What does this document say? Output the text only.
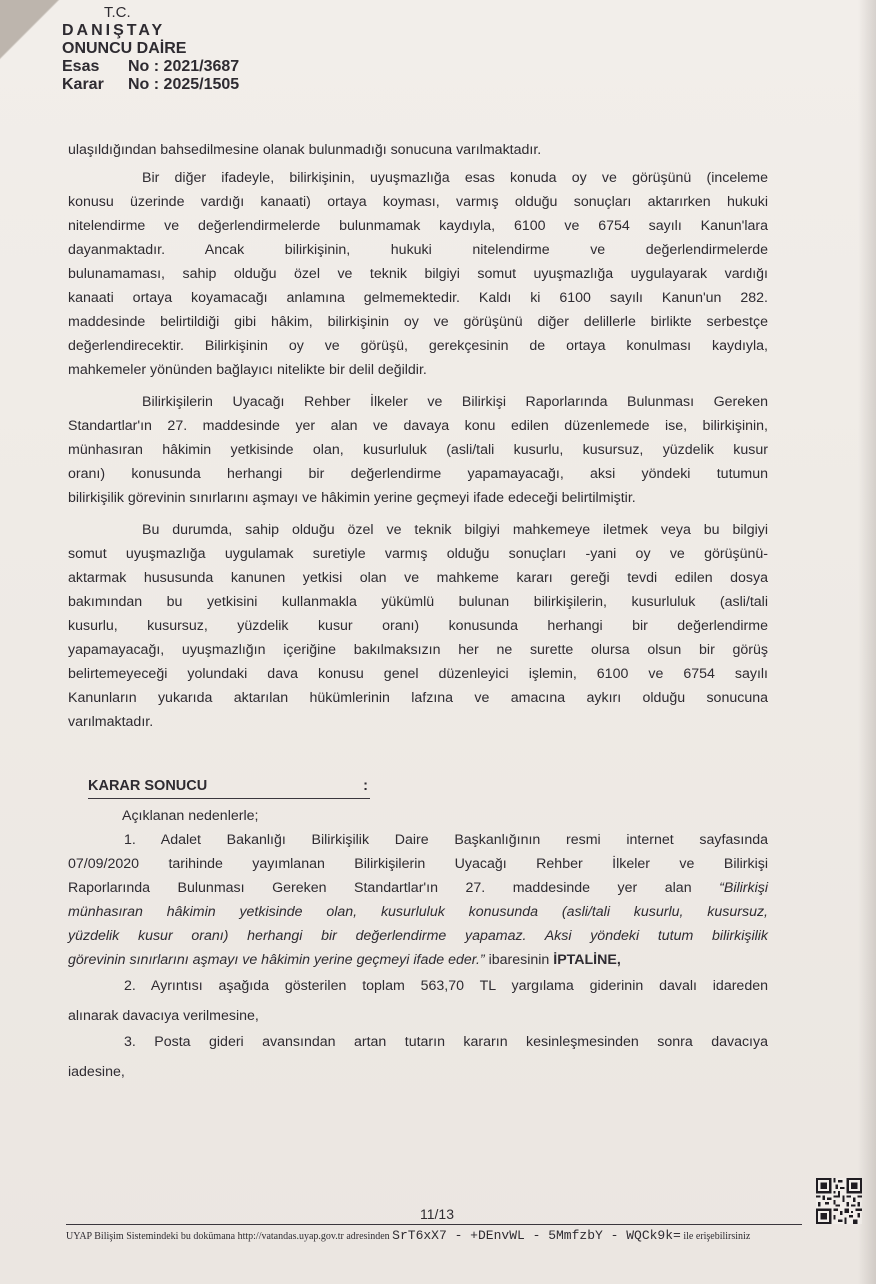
T.C.
DANIŞTAY
ONUNCU DAİRE
Esas	No : 2021/3687
Karar	No : 2025/1505
ulaşıldığından bahsedilmesine olanak bulunmadığı sonucuna varılmaktadır.
Bir diğer ifadeyle, bilirkişinin, uyuşmazlığa esas konuda oy ve görüşünü (inceleme
konusu üzerinde vardığı kanaati) ortaya koyması, varmış olduğu sonuçları aktarırken hukuki
nitelendirme ve değerlendirmelerde bulunmamak kaydıyla, 6100 ve 6754 sayılı Kanun'lara
dayanmaktadır. Ancak bilirkişinin, hukuki nitelendirme ve değerlendirmelerde
bulunamaması, sahip olduğu özel ve teknik bilgiyi somut uyuşmazlığa uygulayarak vardığı
kanaati ortaya koyamacağı anlamına gelmemektedir. Kaldı ki 6100 sayılı Kanun'un 282.
maddesinde belirtildiği gibi hâkim, bilirkişinin oy ve görüşünü diğer delillerle birlikte serbestçe
değerlendirecektir. Bilirkişinin oy ve görüşü, gerekçesinin de ortaya konulması kaydıyla,
mahkemeler yönünden bağlayıcı nitelikte bir delil değildir.
Bilirkişilerin Uyacağı Rehber İlkeler ve Bilirkişi Raporlarında Bulunması Gereken
Standartlar'ın 27. maddesinde yer alan ve davaya konu edilen düzenlemede ise, bilirkişinin,
münhasıran hâkimin yetkisinde olan, kusurluluk (asli/tali kusurlu, kusursuz, yüzdelik kusur
oranı) konusunda herhangi bir değerlendirme yapamayacağı, aksi yöndeki tutumun
bilirkişilik görevinin sınırlarını aşmayı ve hâkimin yerine geçmeyi ifade edeceği belirtilmiştir.
Bu durumda, sahip olduğu özel ve teknik bilgiyi mahkemeye iletmek veya bu bilgiyi
somut uyuşmazlığa uygulamak suretiyle varmış olduğu sonuçları -yani oy ve görüşünü-
aktarmak hususunda kanunen yetkisi olan ve mahkeme kararı gereği tevdi edilen dosya
bakımından bu yetkisini kullanmakla yükümlü bulunan bilirkişilerin, kusurluluk (asli/tali
kusurlu, kusursuz, yüzdelik kusur oranı) konusunda herhangi bir değerlendirme
yapamayacağı, uyuşmazlığın içeriğine bakılmaksızın her ne surette olursa olsun bir görüş
belirtemeyeceği yolundaki dava konusu genel düzenleyici işlemin, 6100 ve 6754 sayılı
Kanunların yukarıda aktarılan hükümlerinin lafzına ve amacına aykırı olduğu sonucuna
varılmaktadır.
KARAR SONUCU	:
Açıklanan nedenlerle;
1. Adalet Bakanlığı Bilirkişilik Daire Başkanlığının resmi internet sayfasında
07/09/2020 tarihinde yayımlanan Bilirkişilerin Uyacağı Rehber İlkeler ve Bilirkişi
Raporlarında Bulunması Gereken Standartlar'ın 27. maddesinde yer alan “Bilirkişi
münhasıran hâkimin yetkisinde olan, kusurluluk konusunda (asli/tali kusurlu, kusursuz,
yüzdelik kusur oranı) herhangi bir değerlendirme yapamaz. Aksi yöndeki tutum bilirkişilik
görevinin sınırlarını aşmayı ve hâkimin yerine geçmeyi ifade eder.” ibaresinin İPTALİNE,
2. Ayrıntısı aşağıda gösterilen toplam 563,70 TL yargılama giderinin davalı idareden
alınarak davacıya verilmesine,
3. Posta gideri avansından artan tutarın kararın kesinleşmesinden sonra davacıya
iadesine,
11/13
UYAP Bilişim Sistemindeki bu dokümana http://vatandas.uyap.gov.tr adresinden SrT6xX7 - +DEnvWL - 5MmfzbY - WQCk9k= ile erişebilirsiniz
